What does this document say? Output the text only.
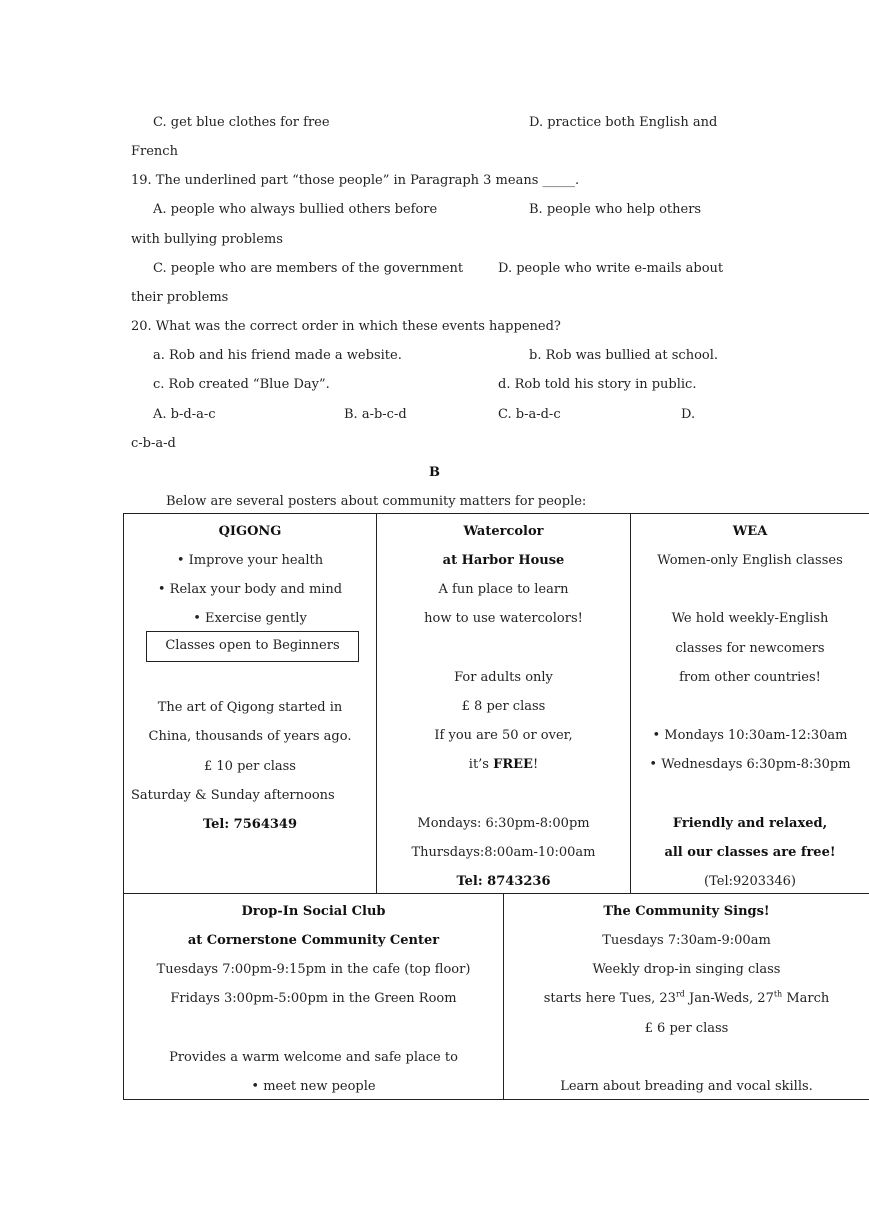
C. get blue clothes for free	D. practice both English and
French
19. The underlined part “those people” in Paragraph 3 means _____.
A. people who always bullied others before	B. people who help others
with bullying problems
C. people who are members of the government	D. people who write e-mails about
their problems
20. What was the correct order in which these events happened?
a. Rob and his friend made a website.	b. Rob was bullied at school.
c. Rob created “Blue Day”.	d. Rob told his story in public.
A. b-d-a-c	B. a-b-c-d	C. b-a-d-c	D.
c-b-a-d
B
Below are several posters about community matters for people:
QIGONG
• Improve your health
• Relax your body and mind
• Exercise gently
Classes open to Beginners
The art of Qigong started in
China, thousands of years ago.
£ 10 per class
Saturday & Sunday afternoons
Tel: 7564349
Watercolor
at Harbor House
A fun place to learn
how to use watercolors!
For adults only
£ 8 per class
If you are 50 or over,
it’s FREE!
Mondays: 6:30pm-8:00pm
Thursdays:8:00am-10:00am
Tel: 8743236
WEA
Women-only English classes
We hold weekly-English
classes for newcomers
from other countries!
• Mondays 10:30am-12:30am
• Wednesdays 6:30pm-8:30pm
Friendly and relaxed,
all our classes are free!
(Tel:9203346)
Drop-In Social Club
at Cornerstone Community Center
Tuesdays 7:00pm-9:15pm in the cafe (top floor)
Fridays 3:00pm-5:00pm in the Green Room
Provides a warm welcome and safe place to
• meet new people
The Community Sings!
Tuesdays 7:30am-9:00am
Weekly drop-in singing class
starts here Tues, 23rd Jan-Weds, 27th March
£ 6 per class
Learn about breading and vocal skills.
